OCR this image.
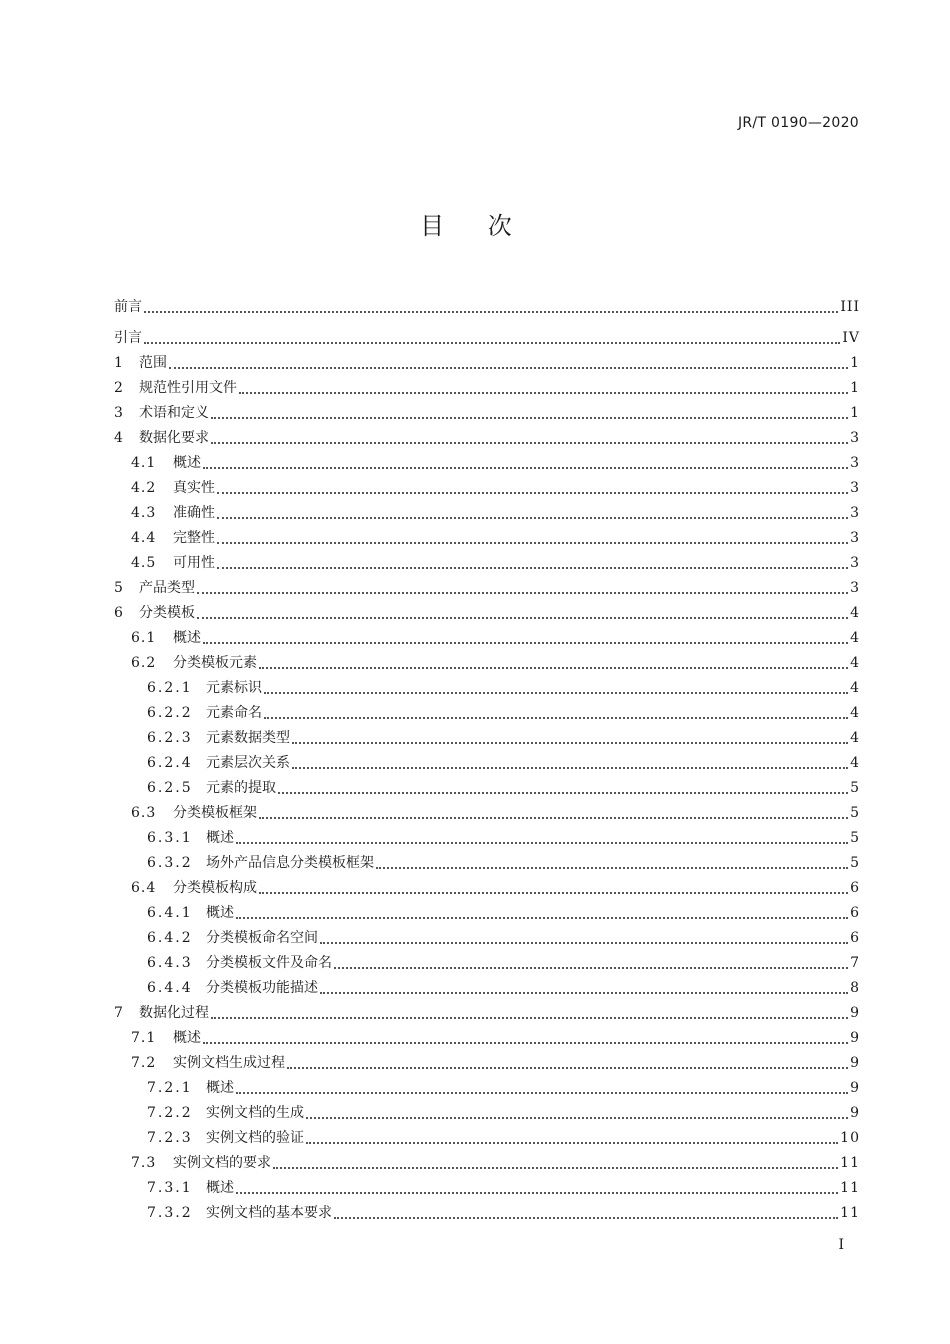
JR/T 0190—2020
目 次
前言	III
引言	IV
1 范围	1
2 规范性引用文件	1
3 术语和定义	1
4 数据化要求	3
4.1 概述	3
4.2 真实性	3
4.3 准确性	3
4.4 完整性	3
4.5 可用性	3
5 产品类型	3
6 分类模板	4
6.1 概述	4
6.2 分类模板元素	4
6.2.1 元素标识	4
6.2.2 元素命名	4
6.2.3 元素数据类型	4
6.2.4 元素层次关系	4
6.2.5 元素的提取	5
6.3 分类模板框架	5
6.3.1 概述	5
6.3.2 场外产品信息分类模板框架	5
6.4 分类模板构成	6
6.4.1 概述	6
6.4.2 分类模板命名空间	6
6.4.3 分类模板文件及命名	7
6.4.4 分类模板功能描述	8
7 数据化过程	9
7.1 概述	9
7.2 实例文档生成过程	9
7.2.1 概述	9
7.2.2 实例文档的生成	9
7.2.3 实例文档的验证	10
7.3 实例文档的要求	11
7.3.1 概述	11
7.3.2 实例文档的基本要求	11
I
